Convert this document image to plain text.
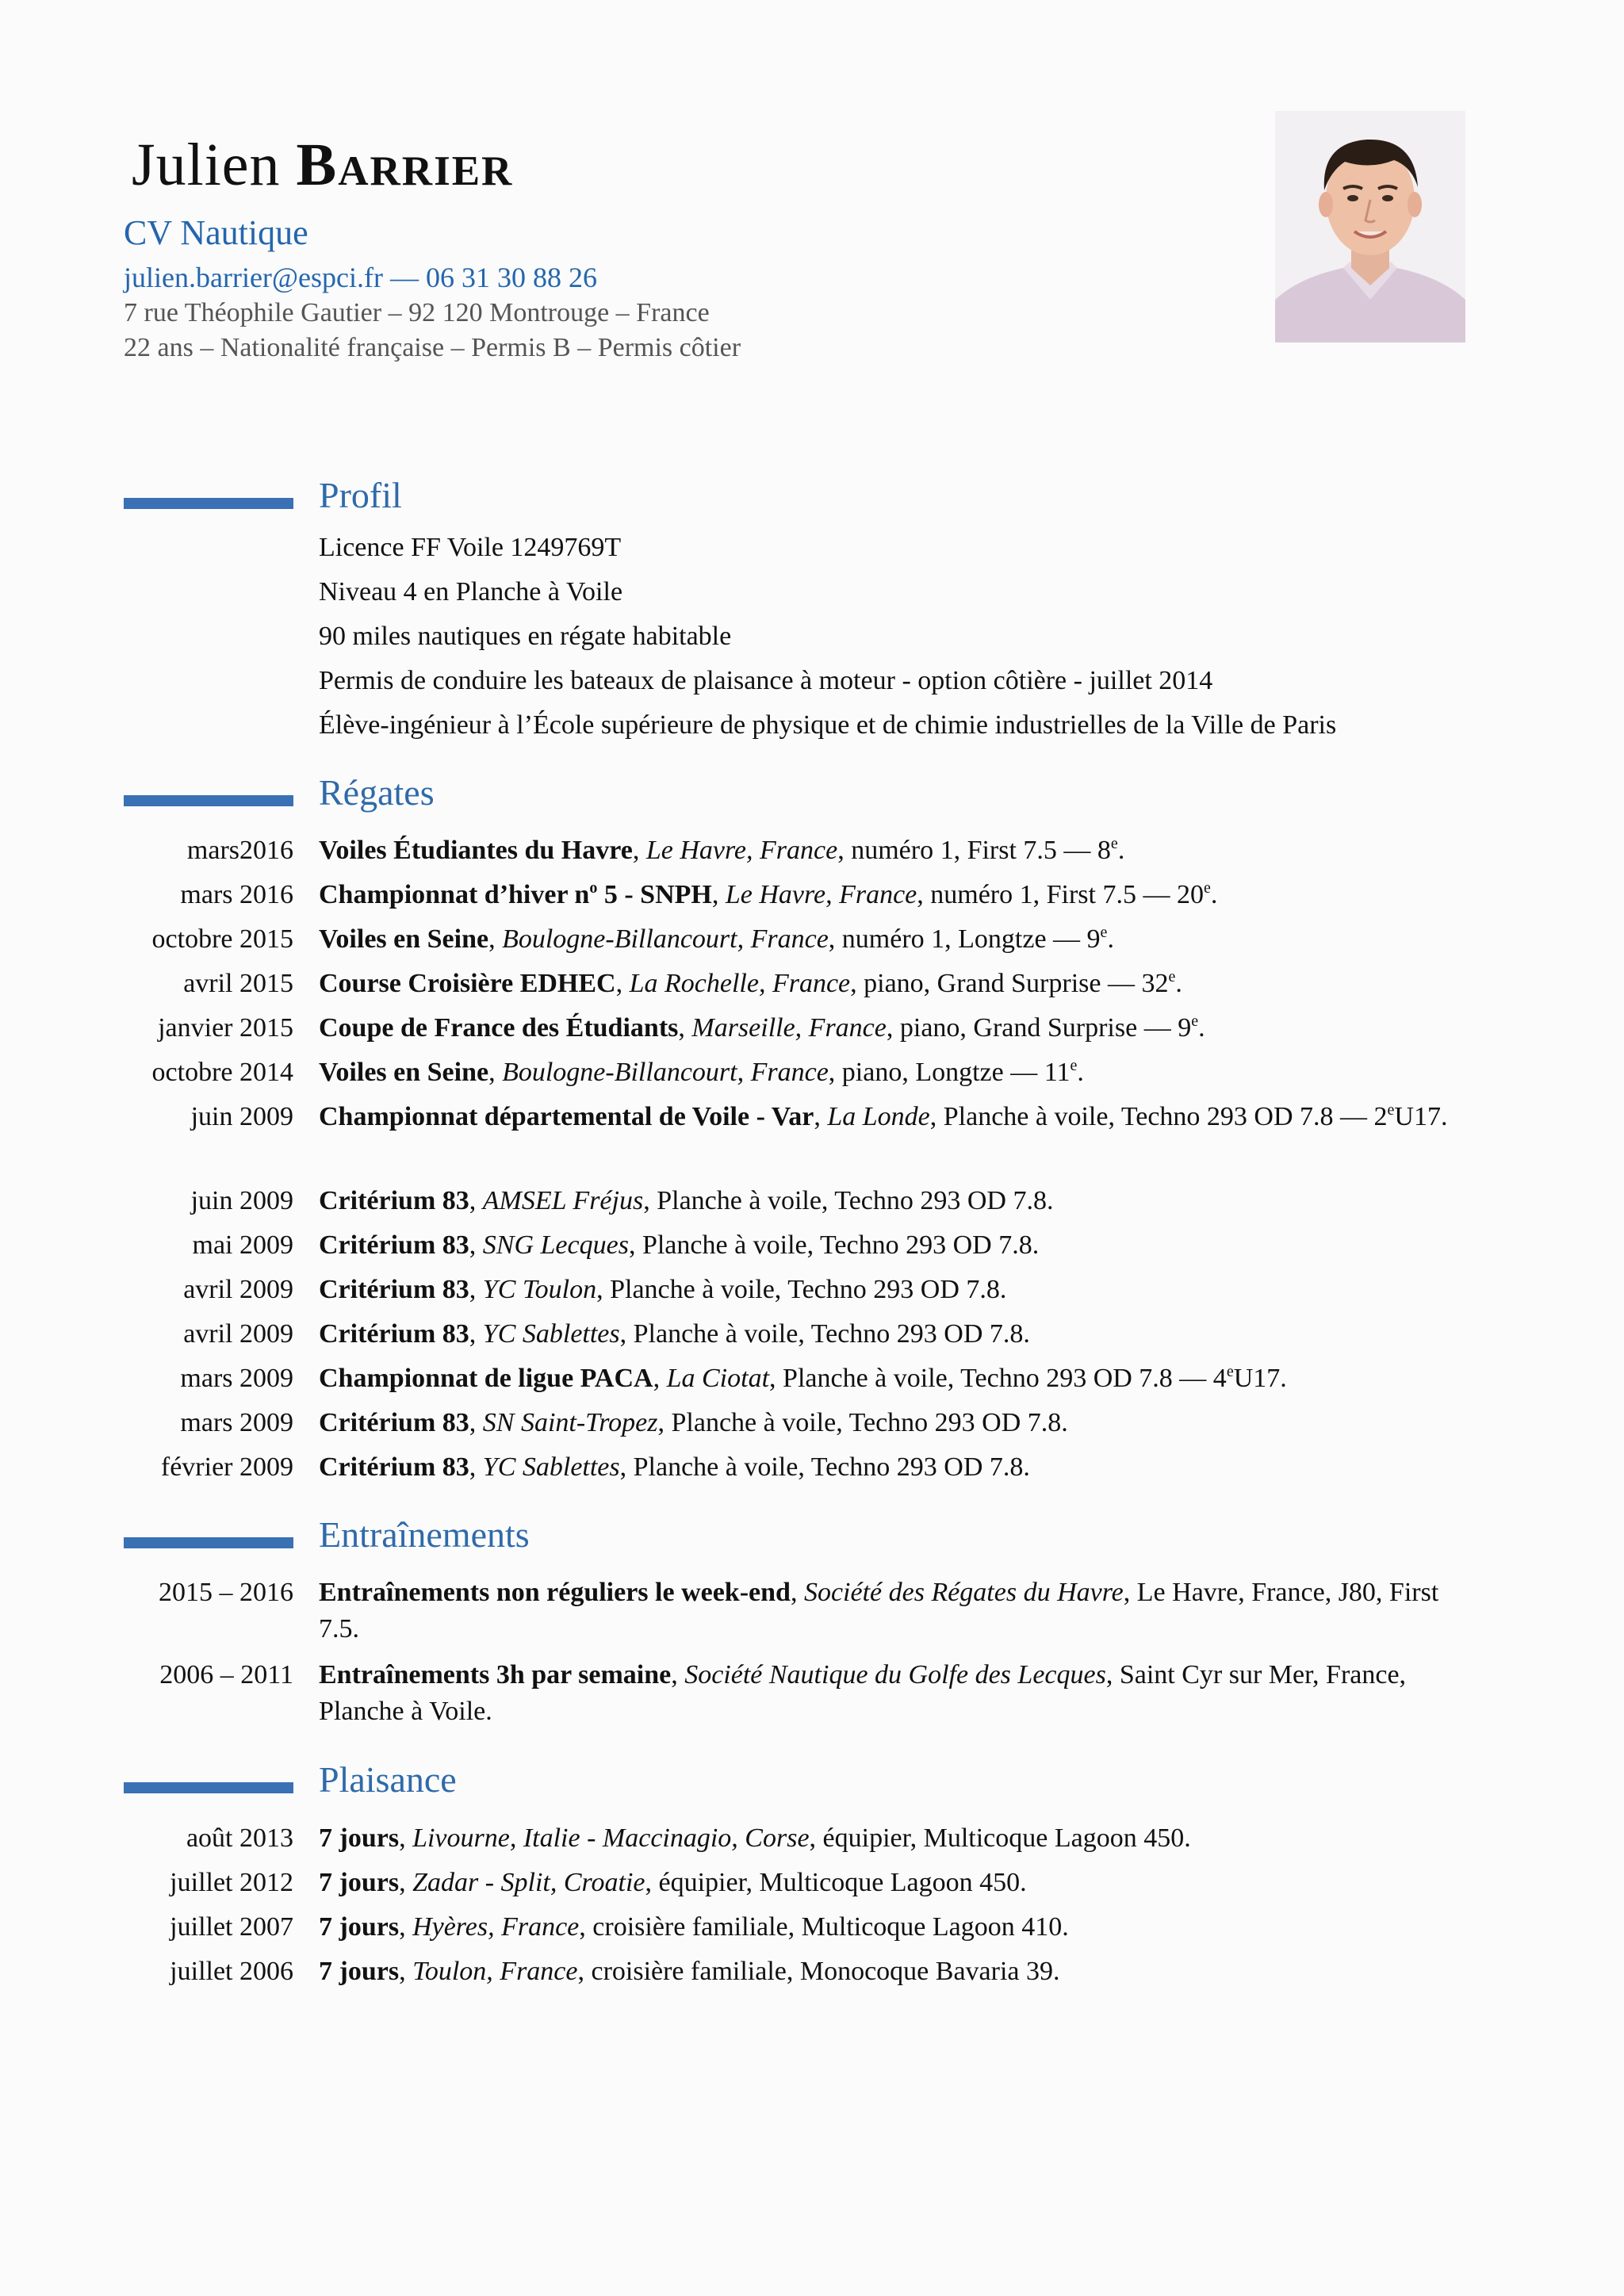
Julien Barrier
CV Nautique
julien.barrier@espci.fr — 06 31 30 88 26
7 rue Théophile Gautier – 92 120 Montrouge – France
22 ans – Nationalité française – Permis B – Permis côtier
Profil
Licence FF Voile 1249769T
Niveau 4 en Planche à Voile
90 miles nautiques en régate habitable
Permis de conduire les bateaux de plaisance à moteur - option côtière - juillet 2014
Élève-ingénieur à l’École supérieure de physique et de chimie industrielles de la Ville de Paris
Régates
mars2016 Voiles Étudiantes du Havre, Le Havre, France, numéro 1, First 7.5 — 8e.
mars 2016 Championnat d’hiver $n^o$ 5 - SNPH, Le Havre, France, numéro 1, First 7.5 — 20e.
octobre 2015 Voiles en Seine, Boulogne-Billancourt, France, numéro 1, Longtze — 9e.
avril 2015 Course Croisière EDHEC, La Rochelle, France, piano, Grand Surprise — 32e.
janvier 2015 Coupe de France des Étudiants, Marseille, France, piano, Grand Surprise — 9e.
octobre 2014 Voiles en Seine, Boulogne-Billancourt, France, piano, Longtze — 11e.
juin 2009 Championnat départemental de Voile - Var, La Londe, Planche à voile, Techno 293 OD 7.8 — 2eU17.
juin 2009 Critérium 83, AMSEL Fréjus, Planche à voile, Techno 293 OD 7.8.
mai 2009 Critérium 83, SNG Lecques, Planche à voile, Techno 293 OD 7.8.
avril 2009 Critérium 83, YC Toulon, Planche à voile, Techno 293 OD 7.8.
avril 2009 Critérium 83, YC Sablettes, Planche à voile, Techno 293 OD 7.8.
mars 2009 Championnat de ligue PACA, La Ciotat, Planche à voile, Techno 293 OD 7.8 — 4eU17.
mars 2009 Critérium 83, SN Saint-Tropez, Planche à voile, Techno 293 OD 7.8.
février 2009 Critérium 83, YC Sablettes, Planche à voile, Techno 293 OD 7.8.
Entraînements
2015 – 2016 Entraînements non réguliers le week-end, Société des Régates du Havre, Le Havre, France, J80, First 7.5.
2006 – 2011 Entraînements 3h par semaine, Société Nautique du Golfe des Lecques, Saint Cyr sur Mer, France, Planche à Voile.
Plaisance
août 2013 7 jours, Livourne, Italie - Maccinagio, Corse, équipier, Multicoque Lagoon 450.
juillet 2012 7 jours, Zadar - Split, Croatie, équipier, Multicoque Lagoon 450.
juillet 2007 7 jours, Hyères, France, croisière familiale, Multicoque Lagoon 410.
juillet 2006 7 jours, Toulon, France, croisière familiale, Monocoque Bavaria 39.
